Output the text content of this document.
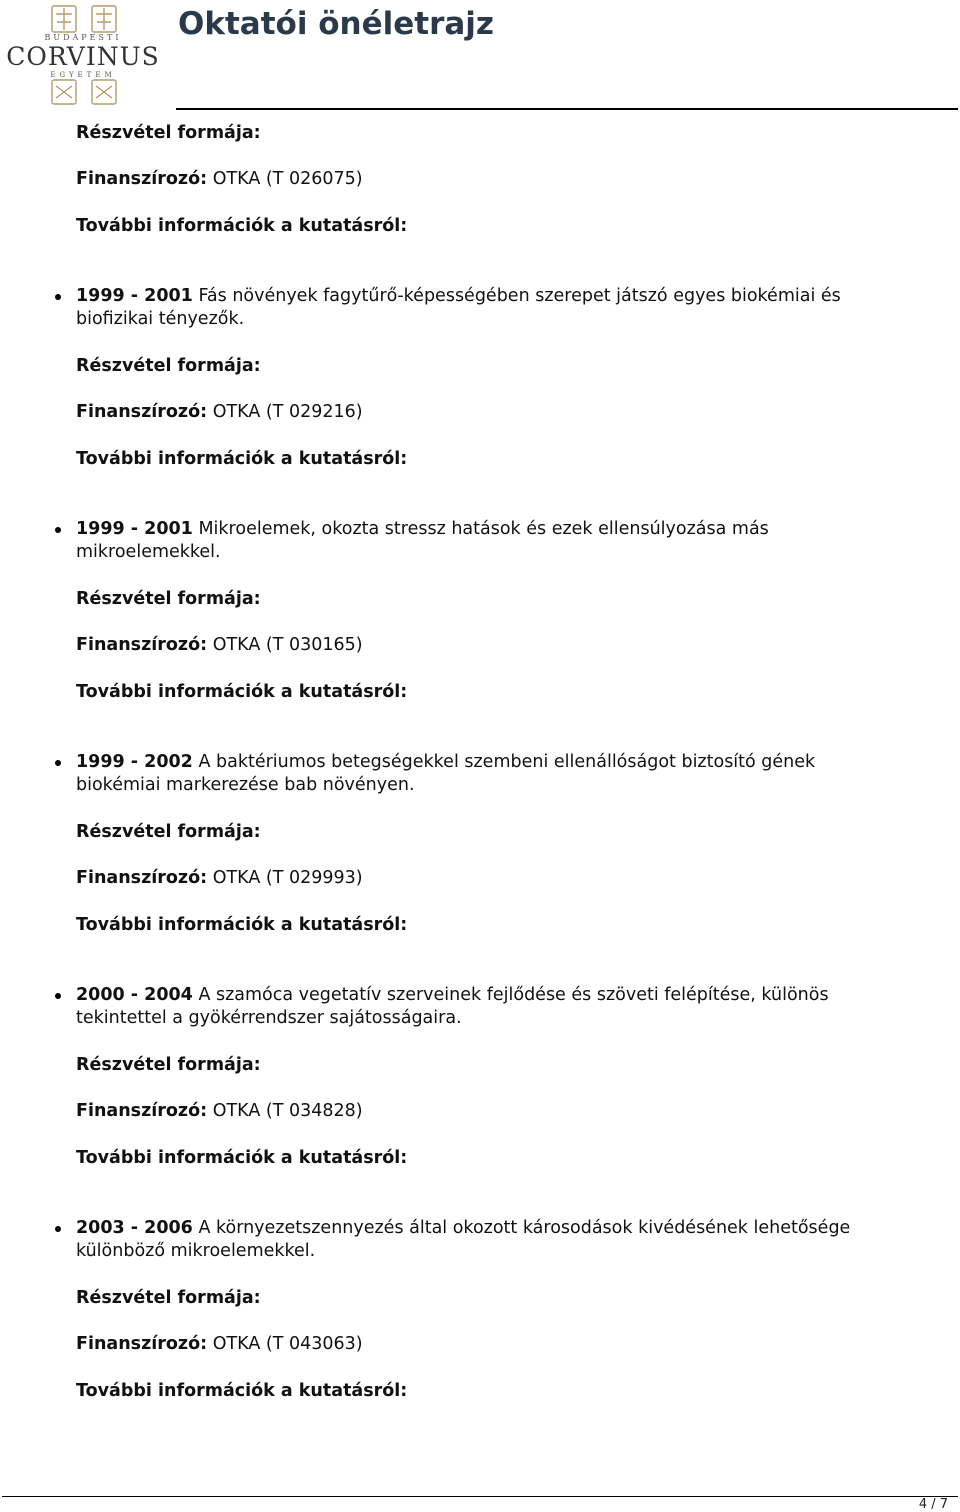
BUDAPESTI
CORVINUS
EGYETEM
Oktatói önéletrajz
Részvétel formája:
Finanszírozó: OTKA (T 026075)
További információk a kutatásról:
1999 - 2001 Fás növények fagytűrő-képességében szerepet játszó egyes biokémiai és
biofizikai tényezők.
Részvétel formája:
Finanszírozó: OTKA (T 029216)
További információk a kutatásról:
1999 - 2001 Mikroelemek, okozta stressz hatások és ezek ellensúlyozása más
mikroelemekkel.
Részvétel formája:
Finanszírozó: OTKA (T 030165)
További információk a kutatásról:
1999 - 2002 A baktériumos betegségekkel szembeni ellenállóságot biztosító gének
biokémiai markerezése bab növényen.
Részvétel formája:
Finanszírozó: OTKA (T 029993)
További információk a kutatásról:
2000 - 2004 A szamóca vegetatív szerveinek fejlődése és szöveti felépítése, különös
tekintettel a gyökérrendszer sajátosságaira.
Részvétel formája:
Finanszírozó: OTKA (T 034828)
További információk a kutatásról:
2003 - 2006 A környezetszennyezés által okozott károsodások kivédésének lehetősége
különböző mikroelemekkel.
Részvétel formája:
Finanszírozó: OTKA (T 043063)
További információk a kutatásról:
4 / 7
